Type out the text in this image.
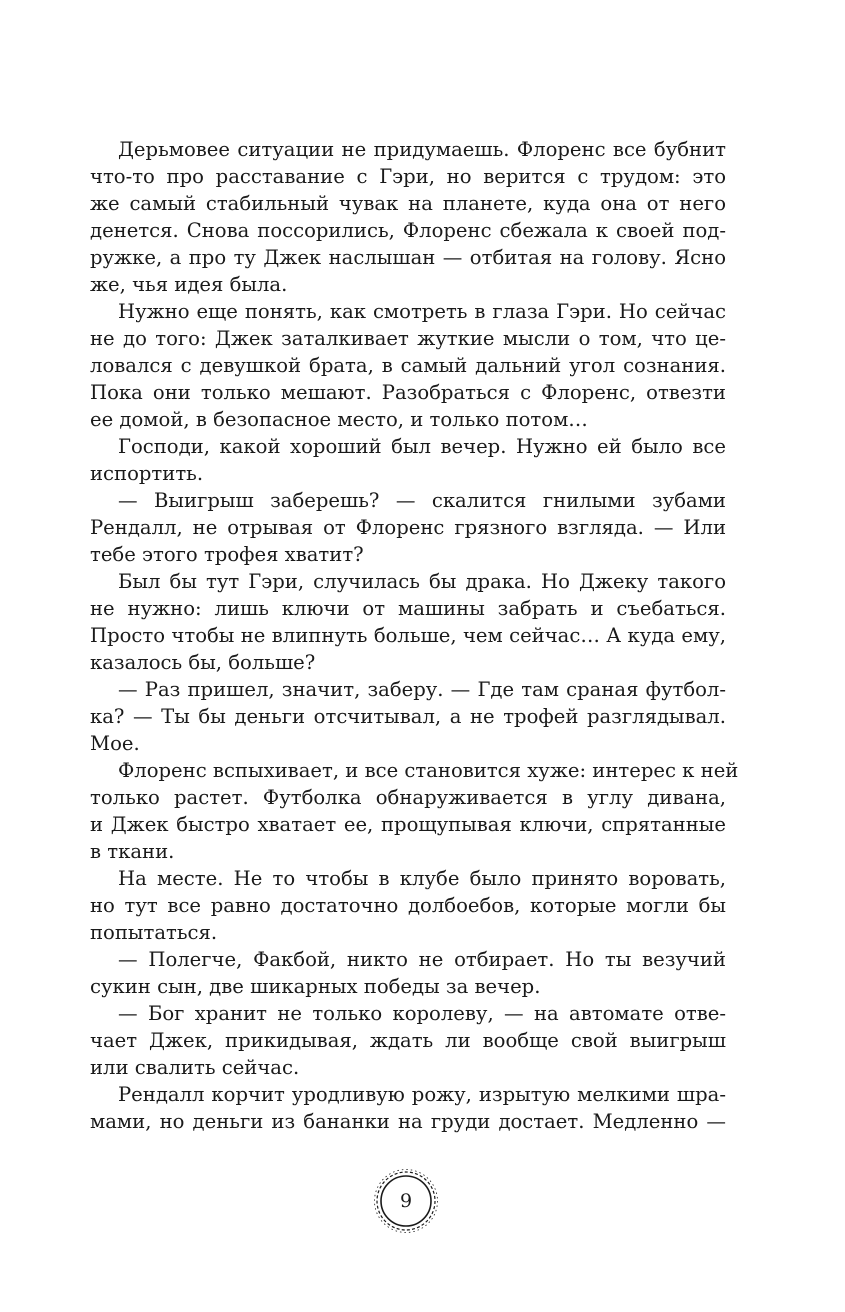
Дерьмовее ситуации не придумаешь. Флоренс все бубнит
что-то про расставание с Гэри, но верится с трудом: это
же самый стабильный чувак на планете, куда она от него
денется. Снова поссорились, Флоренс сбежала к своей под-
ружке, а про ту Джек наслышан — отбитая на голову. Ясно
же, чья идея была.
Нужно еще понять, как смотреть в глаза Гэри. Но сейчас
не до того: Джек заталкивает жуткие мысли о том, что це-
ловался с девушкой брата, в самый дальний угол сознания.
Пока они только мешают. Разобраться с Флоренс, отвезти
ее домой, в безопасное место, и только потом…
Господи, какой хороший был вечер. Нужно ей было все
испортить.
— Выигрыш заберешь? — скалится гнилыми зубами
Рендалл, не отрывая от Флоренс грязного взгляда. — Или
тебе этого трофея хватит?
Был бы тут Гэри, случилась бы драка. Но Джеку такого
не нужно: лишь ключи от машины забрать и съебаться.
Просто чтобы не влипнуть больше, чем сейчас… А куда ему,
казалось бы, больше?
— Раз пришел, значит, заберу. — Где там сраная футбол-
ка? — Ты бы деньги отсчитывал, а не трофей разглядывал.
Мое.
Флоренс вспыхивает, и все становится хуже: интерес к ней
только растет. Футболка обнаруживается в углу дивана,
и Джек быстро хватает ее, прощупывая ключи, спрятанные
в ткани.
На месте. Не то чтобы в клубе было принято воровать,
но тут все равно достаточно долбоебов, которые могли бы
попытаться.
— Полегче, Факбой, никто не отбирает. Но ты везучий
сукин сын, две шикарных победы за вечер.
— Бог хранит не только королеву, — на автомате отве-
чает Джек, прикидывая, ждать ли вообще свой выигрыш
или свалить сейчас.
Рендалл корчит уродливую рожу, изрытую мелкими шра-
мами, но деньги из бананки на груди достает. Медленно —
9
